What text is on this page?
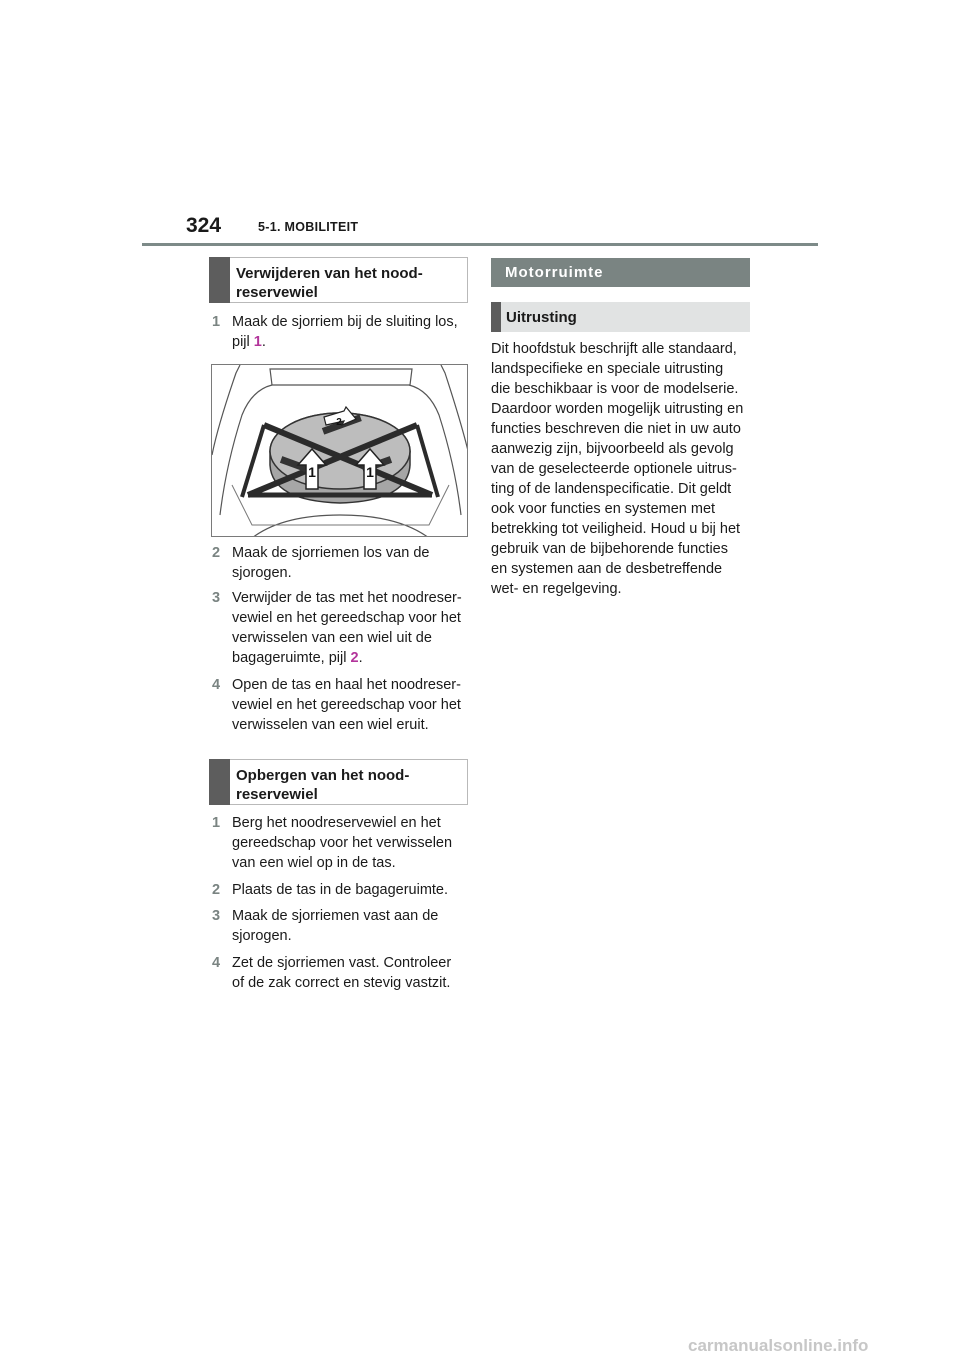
324	5-1. MOBILITEIT
Verwijderen van het nood-
reservewiel
1 Maak de sjorriem bij de sluiting los,
pijl 1.
1	1
2
2 Maak de sjorriemen los van de
sjorogen.
3 Verwijder de tas met het noodreser-
vewiel en het gereedschap voor het
verwisselen van een wiel uit de
bagageruimte, pijl 2.
4 Open de tas en haal het noodreser-
vewiel en het gereedschap voor het
verwisselen van een wiel eruit.
Opbergen van het nood-
reservewiel
1 Berg het noodreservewiel en het
gereedschap voor het verwisselen
van een wiel op in de tas.
2 Plaats de tas in de bagageruimte.
3 Maak de sjorriemen vast aan de
sjorogen.
4 Zet de sjorriemen vast. Controleer
of de zak correct en stevig vastzit.
Motorruimte
Uitrusting
Dit hoofdstuk beschrijft alle standaard,
landspecifieke en speciale uitrusting
die beschikbaar is voor de modelserie.
Daardoor worden mogelijk uitrusting en
functies beschreven die niet in uw auto
aanwezig zijn, bijvoorbeeld als gevolg
van de geselecteerde optionele uitrus-
ting of de landenspecificatie. Dit geldt
ook voor functies en systemen met
betrekking tot veiligheid. Houd u bij het
gebruik van de bijbehorende functies
en systemen aan de desbetreffende
wet- en regelgeving.
carmanualsonline.info
